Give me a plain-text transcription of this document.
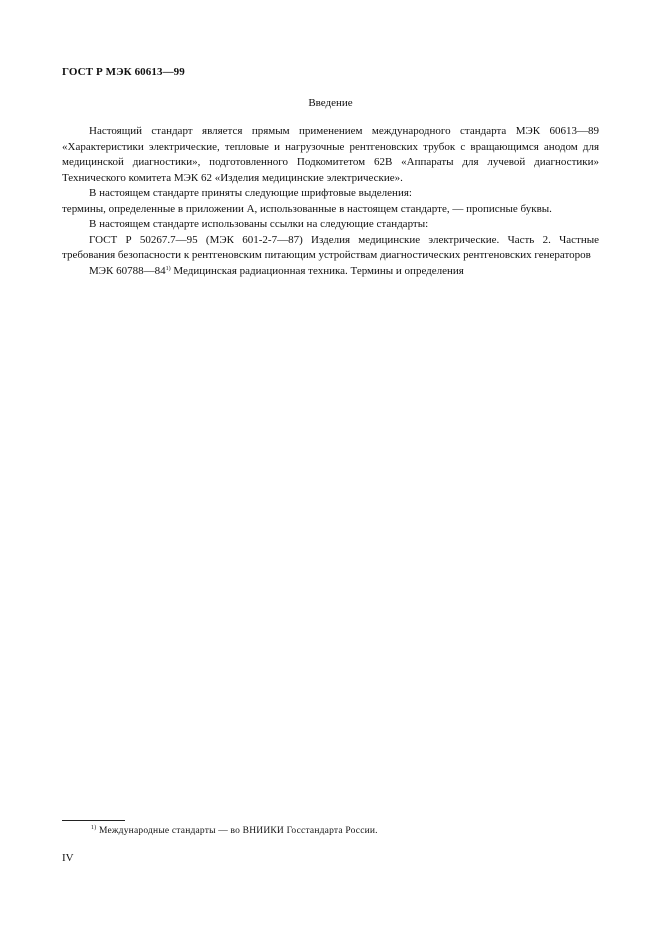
ГОСТ Р МЭК 60613—99
Введение

Настоящий стандарт является прямым применением международного стандарта МЭК 60613—89 «Характеристики электрические, тепловые и нагрузочные рентгеновских трубок с вращающимся анодом для медицинской диагностики», подготовленного Подкомитетом 62В «Аппараты для лучевой диагностики» Технического комитета МЭК 62 «Изделия медицинские электрические».

В настоящем стандарте приняты следующие шрифтовые выделения:

термины, определенные в приложении А, использованные в настоящем стандарте, — прописные буквы.

В настоящем стандарте использованы ссылки на следующие стандарты:

ГОСТ Р 50267.7—95 (МЭК 601-2-7—87) Изделия медицинские электрические. Часть 2. Частные требования безопасности к рентгеновским питающим устройствам диагностических рентгеновских генераторов

МЭК 60788—84$^{1)}$ Медицинская радиационная техника. Термины и определения

$^{1)}$ Международные стандарты — во ВНИИКИ Госстандарта России.
IV
